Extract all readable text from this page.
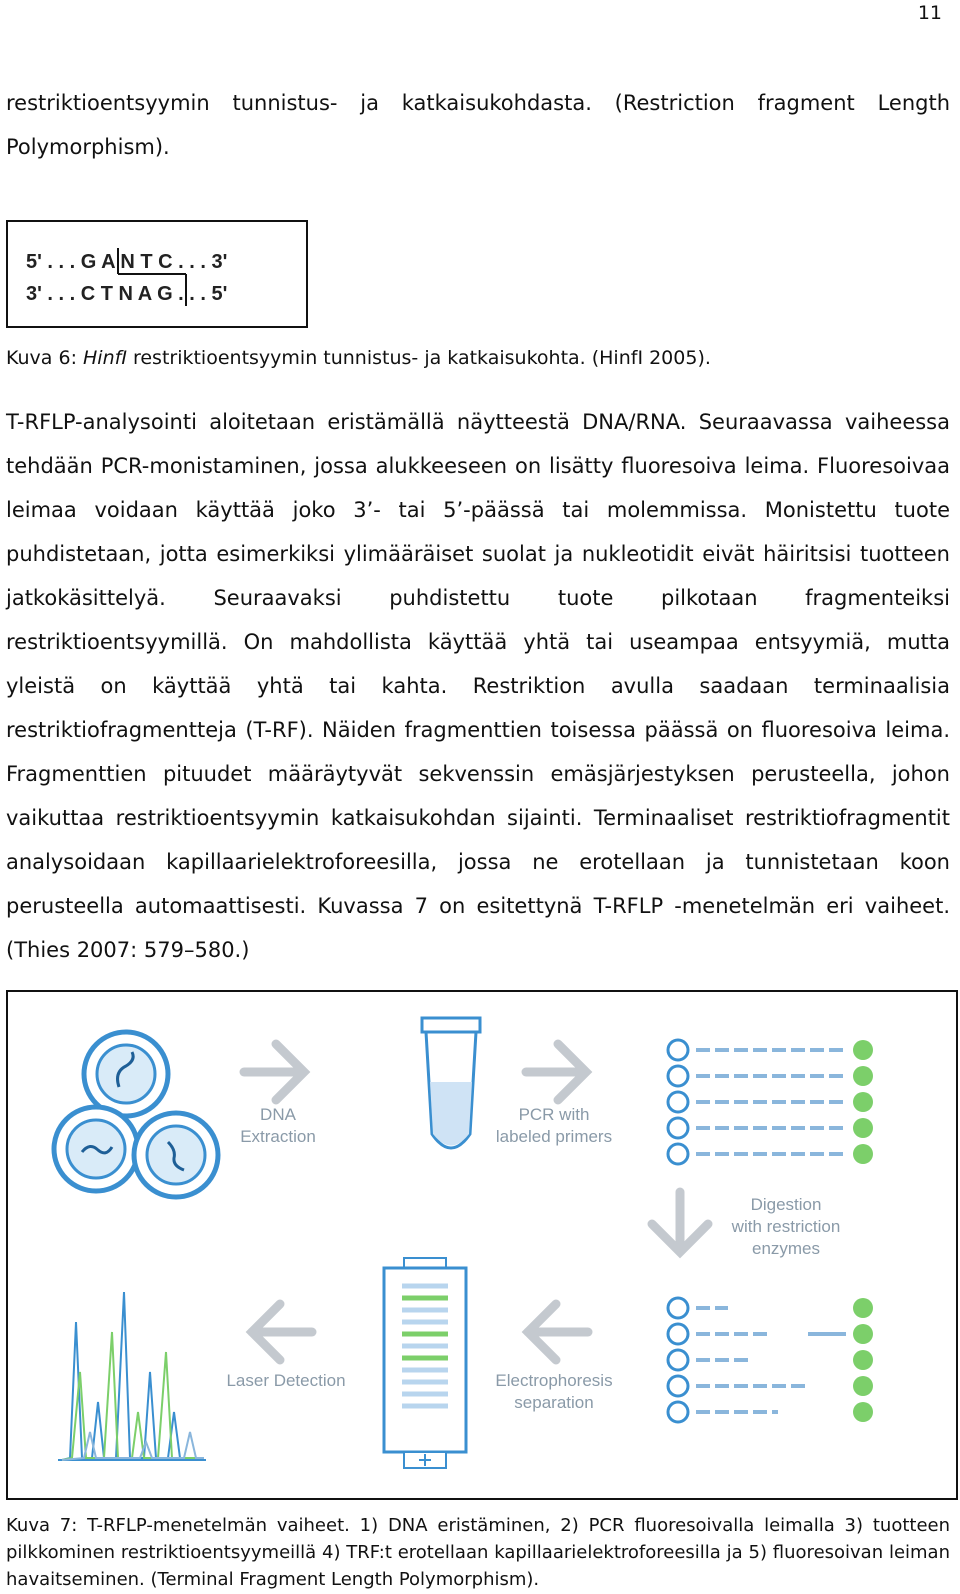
11

restriktioentsyymin tunnistus- ja katkaisukohdasta. (Restriction fragment Length Polymorphism).

5' . . . G A N T C . . . 3'
3' . . . C T N A G . . . 5'
Kuva 6: HinfI restriktioentsyymin tunnistus- ja katkaisukohta. (HinfI 2005).

T-RFLP-analysointi aloitetaan eristämällä näytteestä DNA/RNA. Seuraavassa vaiheessa tehdään PCR-monistaminen, jossa alukkeeseen on lisätty fluoresoiva leima. Fluoresoivaa leimaa voidaan käyttää joko 3’- tai 5’-päässä tai molemmissa. Monistettu tuote puhdistetaan, jotta esimerkiksi ylimääräiset suolat ja nukleotidit eivät häiritsisi tuotteen jatkokäsittelyä. Seuraavaksi puhdistettu tuote pilkotaan fragmenteiksi restriktioentsyymillä. On mahdollista käyttää yhtä tai useampaa entsyymiä, mutta yleistä on käyttää yhtä tai kahta. Restriktion avulla saadaan terminaalisia restriktiofragmentteja (T-RF). Näiden fragmenttien toisessa päässä on fluoresoiva leima. Fragmenttien pituudet määräytyvät sekvenssin emäsjärjestyksen perusteella, johon vaikuttaa restriktioentsyymin katkaisukohdan sijainti. Terminaaliset restriktiofragmentit analysoidaan kapillaarielektroforeesilla, jossa ne erotellaan ja tunnistetaan koon perusteella automaattisesti. Kuvassa 7 on esitettynä T-RFLP -menetelmän eri vaiheet. (Thies 2007: 579–580.)

DNA
Extraction
PCR with
labeled primers
Digestion
with restriction
enzymes
Electrophoresis
separation
Laser Detection

Kuva 7: T-RFLP-menetelmän vaiheet. 1) DNA eristäminen, 2) PCR fluoresoivalla leimalla 3) tuotteen pilkkominen restriktioentsyymeillä 4) TRF:t erotellaan kapillaarielektroforeesilla ja 5) fluoresoivan leiman havaitseminen. (Terminal Fragment Length Polymorphism).
